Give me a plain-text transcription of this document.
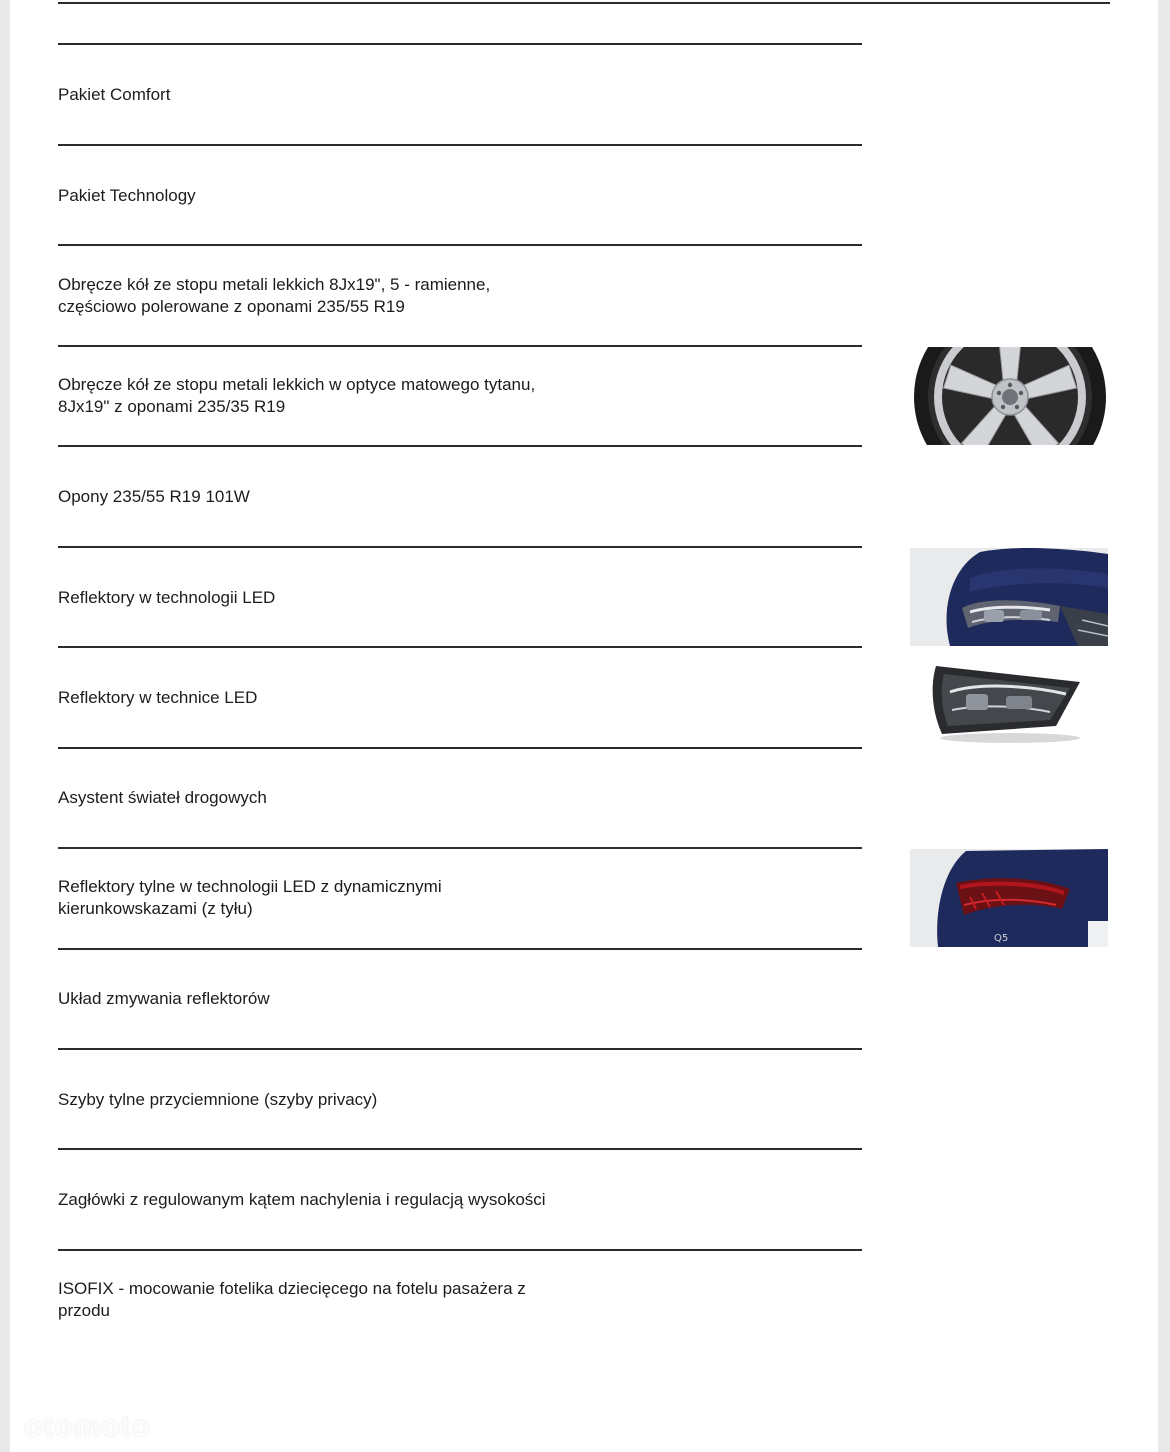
Pakiet Comfort
Pakiet Technology
Obręcze kół ze stopu metali lekkich 8Jx19", 5 - ramienne,
częściowo polerowane z oponami 235/55 R19
Obręcze kół ze stopu metali lekkich w optyce matowego tytanu,
8Jx19" z oponami 235/35 R19
Opony 235/55 R19 101W
Reflektory w technologii LED
Reflektory w technice LED
Asystent świateł drogowych
Reflektory tylne w technologii LED z dynamicznymi
kierunkowskazami (z tyłu)
Układ zmywania reflektorów
Szyby tylne przyciemnione (szyby privacy)
Zagłówki z regulowanym kątem nachylenia i regulacją wysokości
ISOFIX - mocowanie fotelika dziecięcego na fotelu pasażera z
przodu
Q5
otomoto
